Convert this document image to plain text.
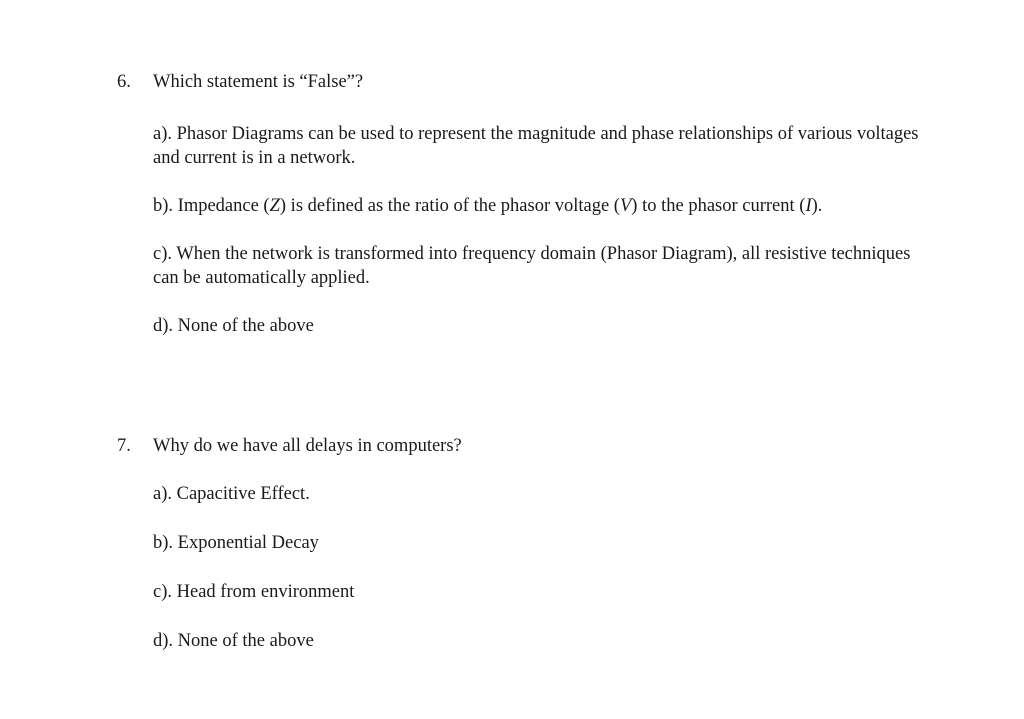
6.	Which statement is “False”?
a). Phasor Diagrams can be used to represent the magnitude and phase relationships of various voltages and current is in a network.
b). Impedance (Z) is defined as the ratio of the phasor voltage (V) to the phasor current (I).
c). When the network is transformed into frequency domain (Phasor Diagram), all resistive techniques can be automatically applied.
d). None of the above
7.	Why do we have all delays in computers?
a). Capacitive Effect.
b). Exponential Decay
c). Head from environment
d). None of the above
